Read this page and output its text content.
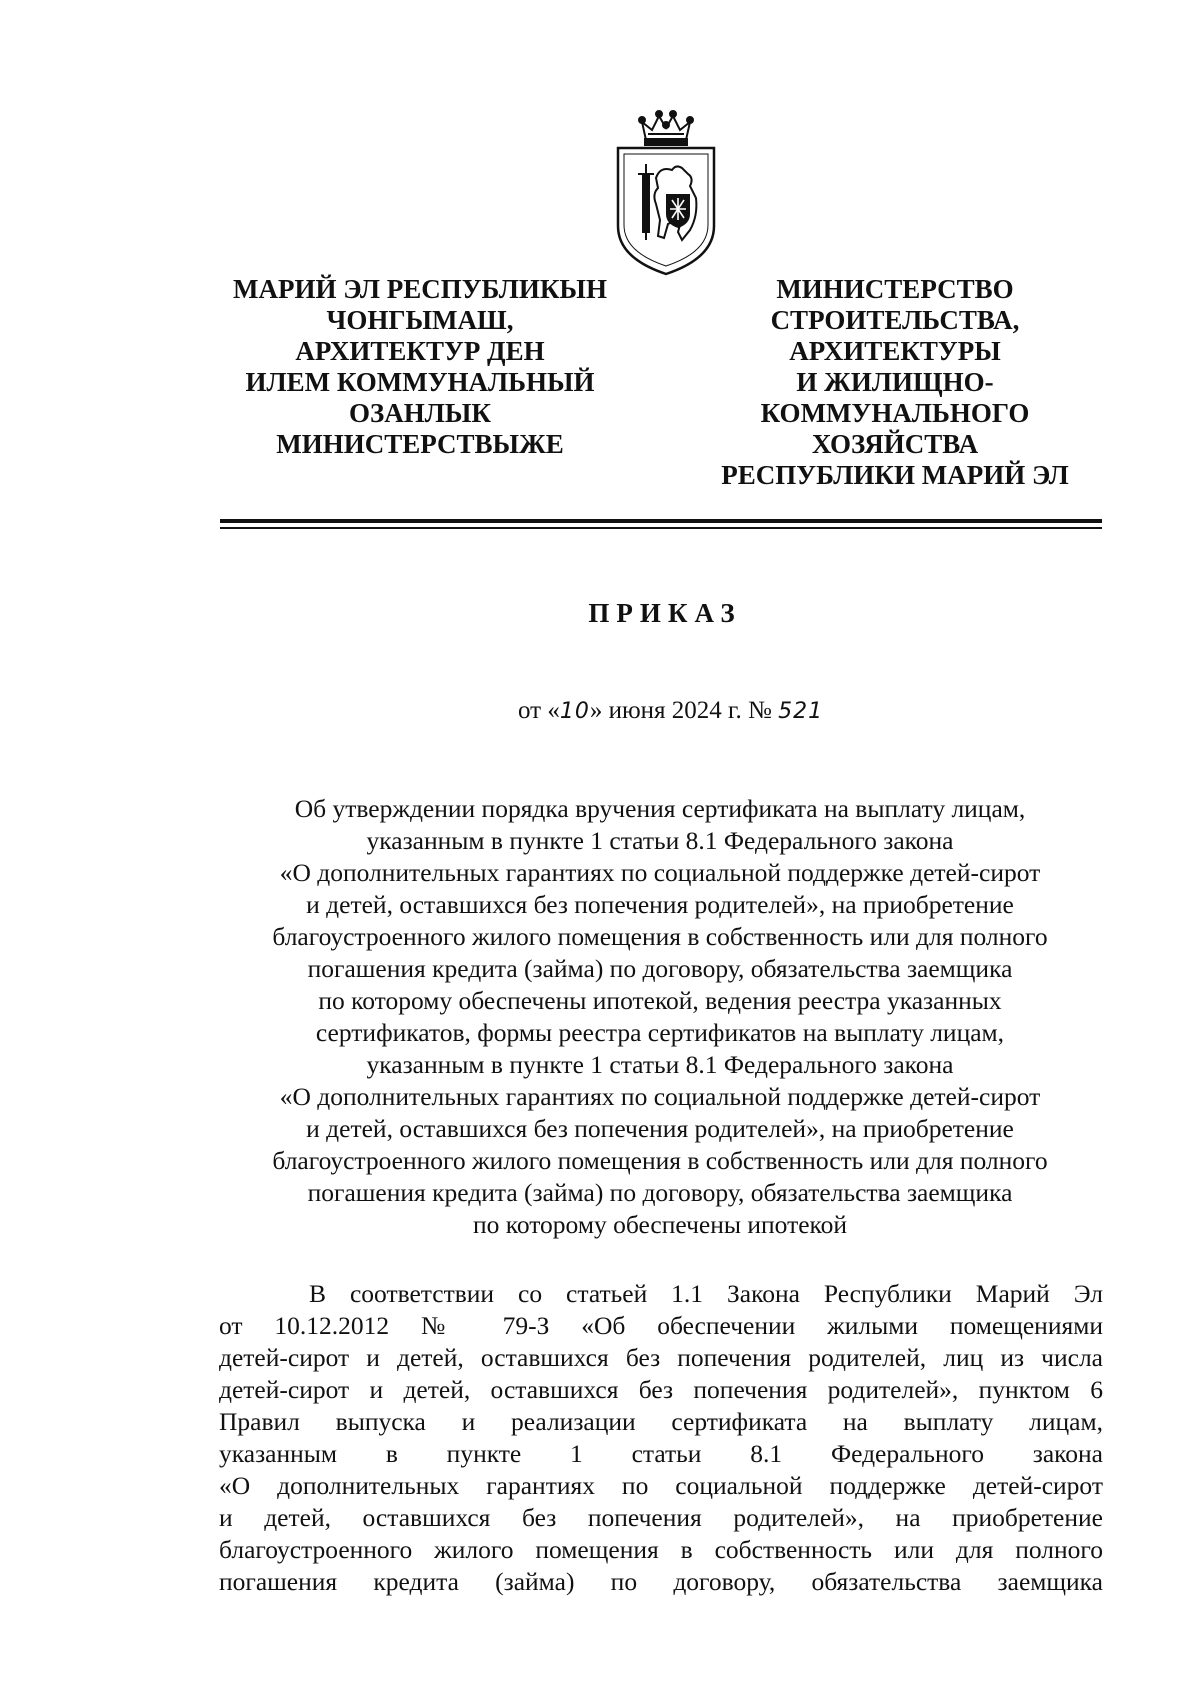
МАРИЙ ЭЛ РЕСПУБЛИКЫН
ЧОНГЫМАШ,
АРХИТЕКТУР ДЕН
ИЛЕМ КОММУНАЛЬНЫЙ
ОЗАНЛЫК
МИНИСТЕРСТВЫЖЕ
МИНИСТЕРСТВО
СТРОИТЕЛЬСТВА,
АРХИТЕКТУРЫ
И ЖИЛИЩНО-
КОММУНАЛЬНОГО
ХОЗЯЙСТВА
РЕСПУБЛИКИ МАРИЙ ЭЛ
ПРИКАЗ
от «10» июня 2024 г. № 521
Об утверждении порядка вручения сертификата на выплату лицам,
указанным в пункте 1 статьи 8.1 Федерального закона
«О дополнительных гарантиях по социальной поддержке детей-сирот
и детей, оставшихся без попечения родителей», на приобретение
благоустроенного жилого помещения в собственность или для полного
погашения кредита (займа) по договору, обязательства заемщика
по которому обеспечены ипотекой, ведения реестра указанных
сертификатов, формы реестра сертификатов на выплату лицам,
указанным в пункте 1 статьи 8.1 Федерального закона
«О дополнительных гарантиях по социальной поддержке детей-сирот
и детей, оставшихся без попечения родителей», на приобретение
благоустроенного жилого помещения в собственность или для полного
погашения кредита (займа) по договору, обязательства заемщика
по которому обеспечены ипотекой
В соответствии со статьей 1.1 Закона Республики Марий Эл
от 10.12.2012 № 79-З «Об обеспечении жилыми помещениями
детей-сирот и детей, оставшихся без попечения родителей, лиц из числа
детей-сирот и детей, оставшихся без попечения родителей», пунктом 6
Правил выпуска и реализации сертификата на выплату лицам,
указанным в пункте 1 статьи 8.1 Федерального закона
«О дополнительных гарантиях по социальной поддержке детей-сирот
и детей, оставшихся без попечения родителей», на приобретение
благоустроенного жилого помещения в собственность или для полного
погашения кредита (займа) по договору, обязательства заемщика
